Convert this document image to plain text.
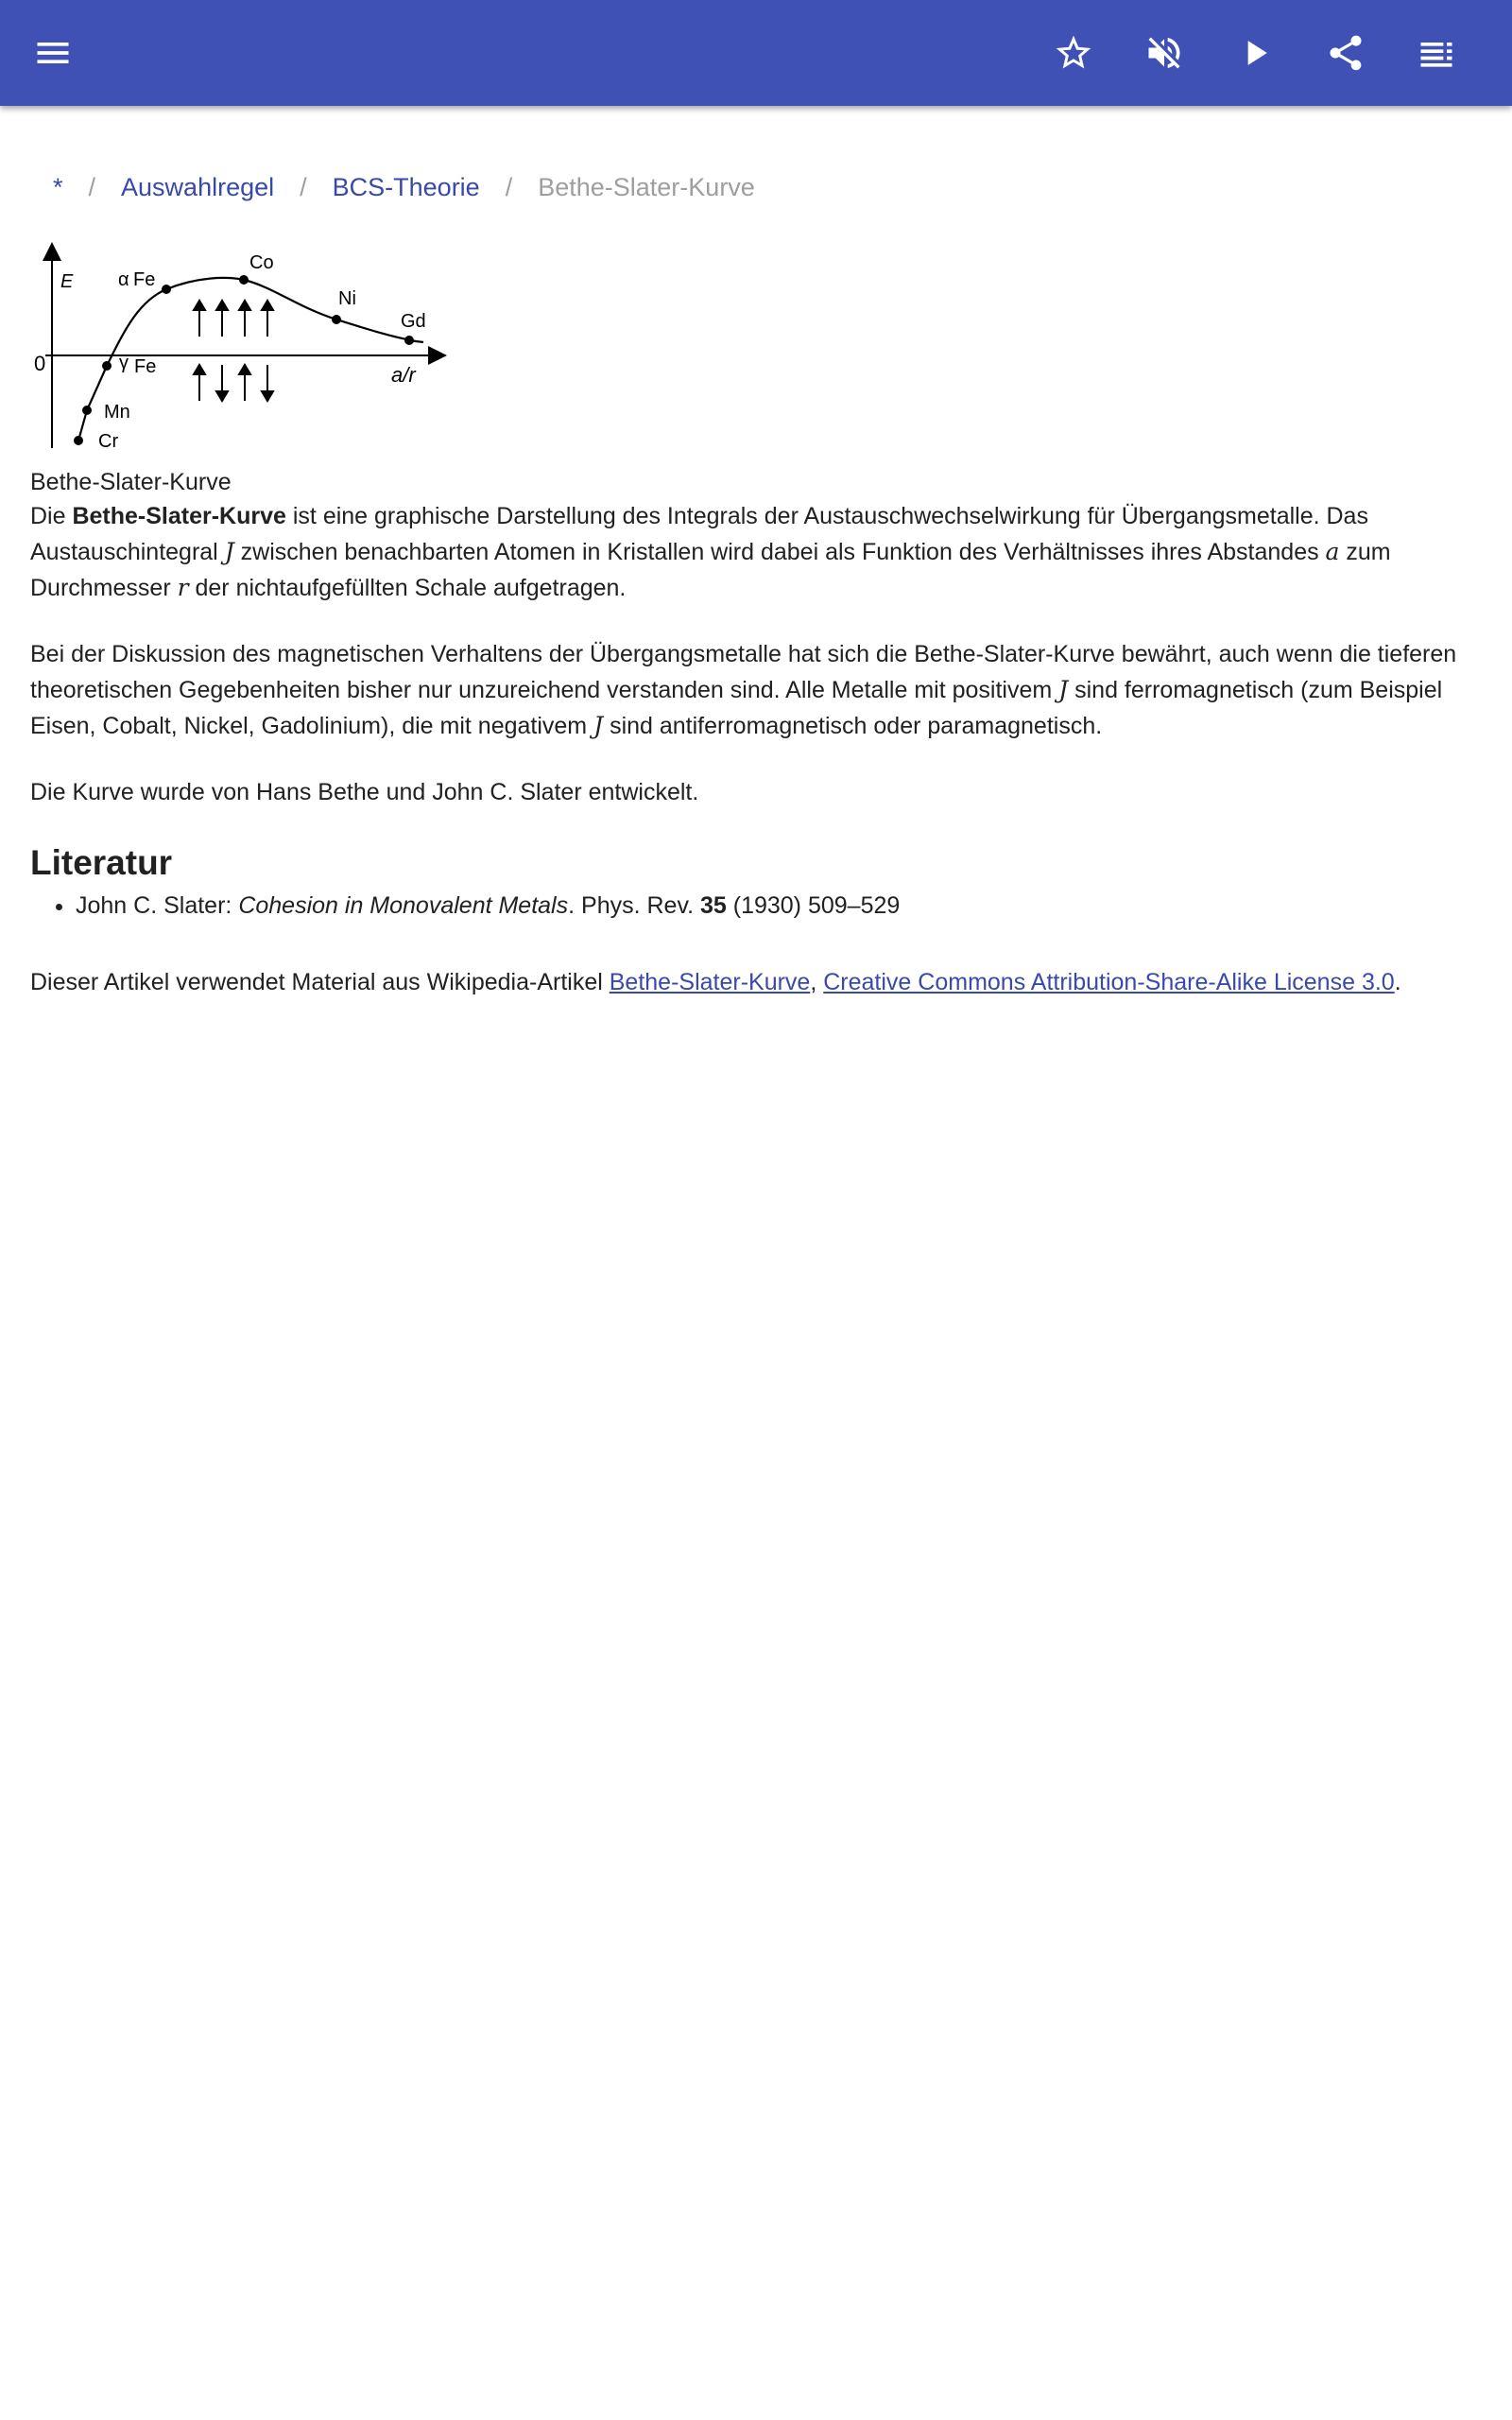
* / Auswahlregel / BCS-Theorie / Bethe-Slater-Kurve
E
0	a/r
α Fe
Co
Ni
Gd
γ Fe
Mn
Cr
Bethe-Slater-Kurve

Die Bethe-Slater-Kurve ist eine graphische Darstellung des Integrals der Austauschwechselwirkung für Übergangsmetalle. Das Austauschintegral J zwischen benachbarten Atomen in Kristallen wird dabei als Funktion des Verhältnisses ihres Abstandes a zum Durchmesser r der nichtaufgefüllten Schale aufgetragen.

Bei der Diskussion des magnetischen Verhaltens der Übergangsmetalle hat sich die Bethe-Slater-Kurve bewährt, auch wenn die tieferen theoretischen Gegebenheiten bisher nur unzureichend verstanden sind. Alle Metalle mit positivem J sind ferromagnetisch (zum Beispiel Eisen, Cobalt, Nickel, Gadolinium), die mit negativem J sind antiferromagnetisch oder paramagnetisch.

Die Kurve wurde von Hans Bethe und John C. Slater entwickelt.

Literatur
• John C. Slater: Cohesion in Monovalent Metals. Phys. Rev. 35 (1930) 509–529

Dieser Artikel verwendet Material aus Wikipedia-Artikel Bethe-Slater-Kurve, Creative Commons Attribution-Share-Alike License 3.0.
